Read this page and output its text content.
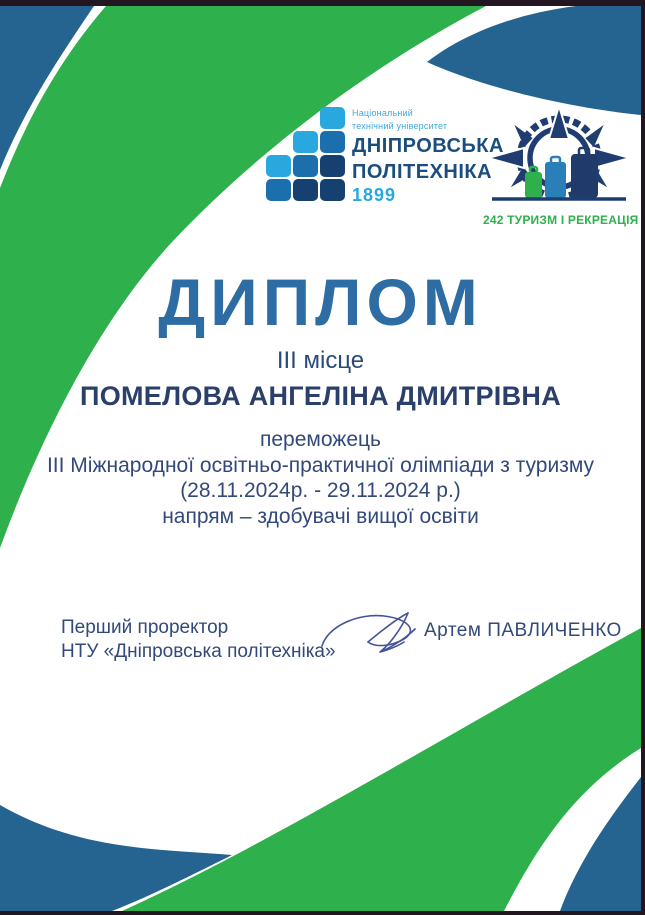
Національний
технічний університет
ДНІПРОВСЬКА
ПОЛІТЕХНІКА
1899
242 ТУРИЗМ І РЕКРЕАЦІЯ
ДИПЛОМ
ІІІ місце
ПОМЕЛОВА АНГЕЛІНА ДМИТРІВНА
переможець
ІІІ Міжнародної освітньо-практичної олімпіади з туризму
(28.11.2024р. - 29.11.2024 р.)
напрям – здобувачі вищої освіти
Перший проректор
НТУ «Дніпровська політехніка»
Артем ПАВЛИЧЕНКО
